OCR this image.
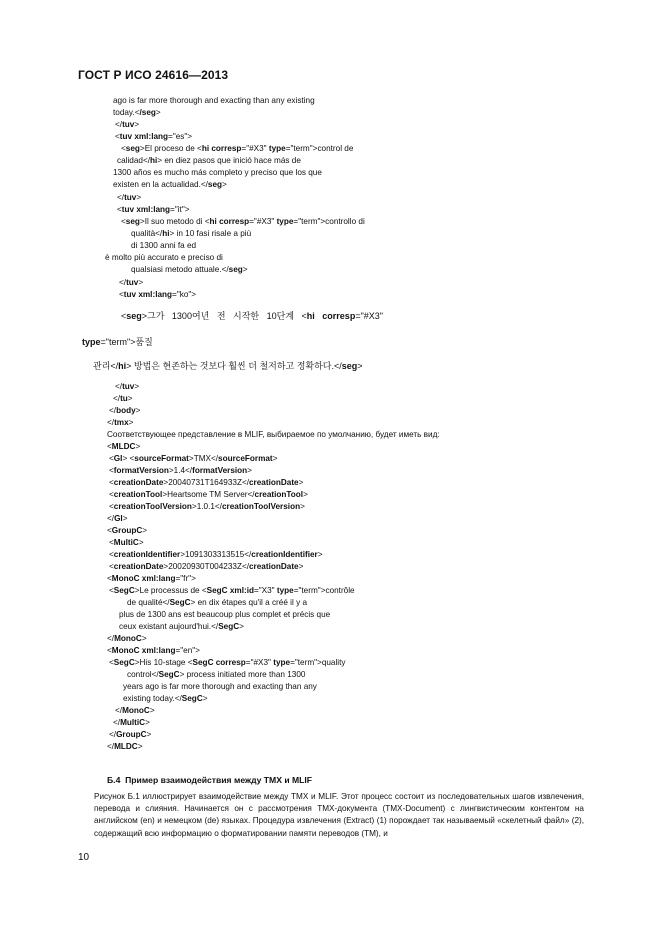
ГОСТ Р ИСО 24616—2013
ago is far more thorough and exacting than any existing
today.</seg>
</tuv>
<tuv xml:lang="es">
<seg>El proceso de <hi corresp="#X3" type="term">control de
calidad</hi> en diez pasos que inició hace más de
1300 años es mucho más completo y preciso que los que
existen en la actualidad.</seg>
</tuv>
<tuv xml:lang="it">
<seg>Il suo metodo di <hi corresp="#X3" type="term">controllo di
qualità</hi> in 10 fasi risale a più
di 1300 anni fa ed
è molto più accurato e preciso di
qualsiasi metodo attuale.</seg>
</tuv>
<tuv xml:lang="ko">
<seg>그가   1300여년   전   시작한   10단계   <hi corresp="#X3"
type="term">품질
관리</hi> 방법은 현존하는 것보다 훨씬 더 철저하고 정확하다.</seg>
</tuv>
</tu>
</body>
</tmx>
Соответствующее представление в MLIF, выбираемое по умолчанию, будет иметь вид:
<MLDC>
<GI> <sourceFormat>TMX</sourceFormat>
<formatVersion>1.4</formatVersion>
<creationDate>20040731T164933Z</creationDate>
<creationTool>Heartsome TM Server</creationTool>
<creationToolVersion>1.0.1</creationToolVersion>
</GI>
<GroupC>
<MultiC>
<creationIdentifier>1091303313515</creationIdentifier>
<creationDate>20020930T004233Z</creationDate>
<MonoC xml:lang="fr">
<SegC>Le processus de <SegC xml:id="X3" type="term">contrôle
de qualité</SegC> en dix étapes qu'il a créé il y a
plus de 1300 ans est beaucoup plus complet et précis que
ceux existant aujourd'hui.</SegC>
</MonoC>
<MonoC xml:lang="en">
<SegC>His 10-stage <SegC corresp="#X3" type="term">quality
control</SegC> process initiated more than 1300
years ago is far more thorough and exacting than any
existing today.</SegC>
</MonoC>
</MultiC>
</GroupC>
</MLDC>
Б.4  Пример взаимодействия между TMX и MLIF
Рисунок Б.1 иллюстрирует взаимодействие между TMX и MLIF. Этот процесс состоит из последовательных шагов извлечения, перевода и слияния. Начинается он с рассмотрения TMX-документа (TMX-Document) с лингвистическим контентом на английском (en) и немецком (de) языках. Процедура извлечения (Extract) (1) порождает так называемый «скелетный файл» (2), содержащий всю информацию о форматировании памяти переводов (TM), и
10
